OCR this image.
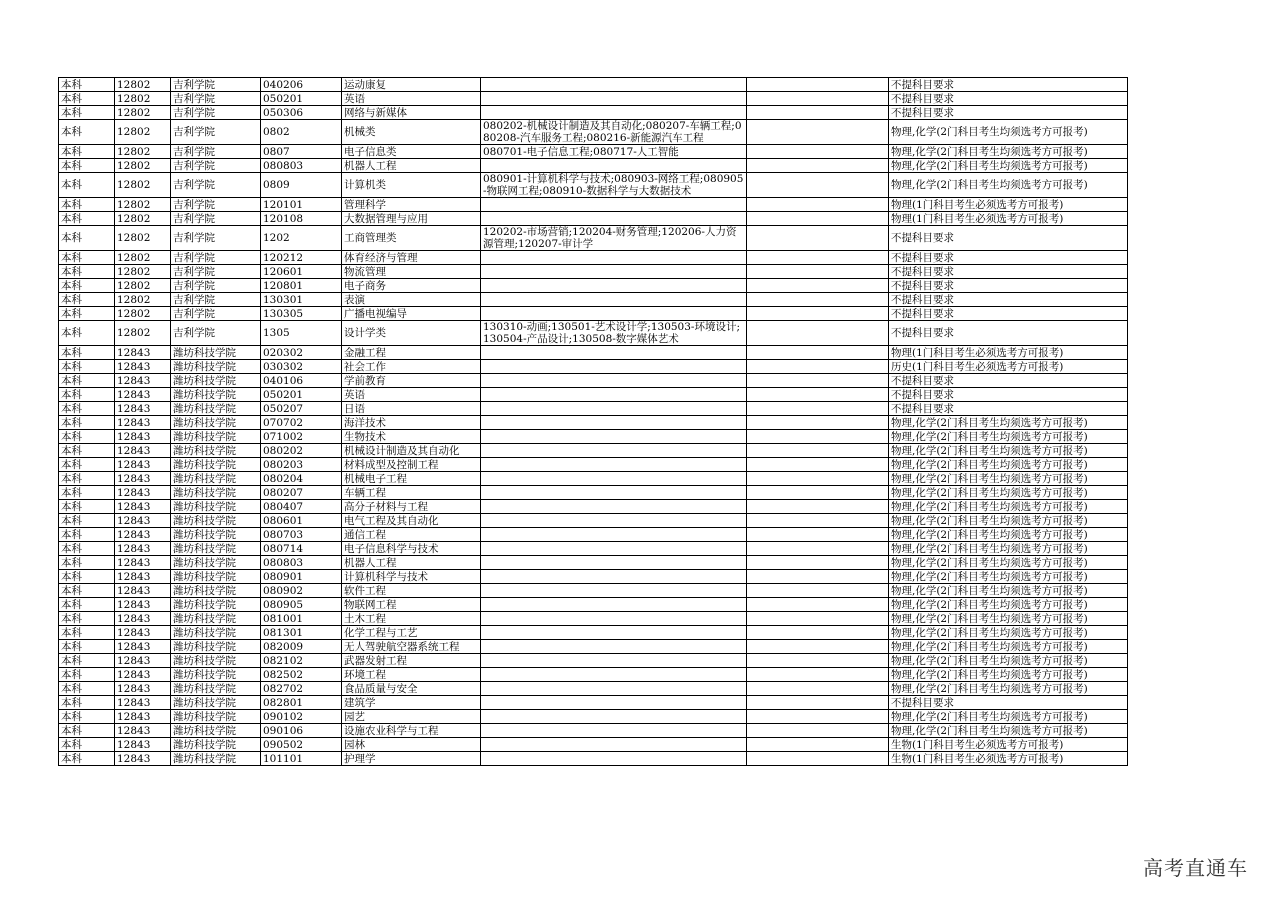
本科	12802	吉利学院	040206	运动康复			不提科目要求
本科	12802	吉利学院	050201	英语			不提科目要求
本科	12802	吉利学院	050306	网络与新媒体			不提科目要求
本科	12802	吉利学院	0802	机械类	080202-机械设计制造及其自动化;080207-车辆工程;080208-汽车服务工程;080216-新能源汽车工程		物理,化学(2门科目考生均须选考方可报考)
本科	12802	吉利学院	0807	电子信息类	080701-电子信息工程;080717-人工智能		物理,化学(2门科目考生均须选考方可报考)
本科	12802	吉利学院	080803	机器人工程			物理,化学(2门科目考生均须选考方可报考)
本科	12802	吉利学院	0809	计算机类	080901-计算机科学与技术;080903-网络工程;080905-物联网工程;080910-数据科学与大数据技术		物理,化学(2门科目考生均须选考方可报考)
本科	12802	吉利学院	120101	管理科学			物理(1门科目考生必须选考方可报考)
本科	12802	吉利学院	120108	大数据管理与应用			物理(1门科目考生必须选考方可报考)
本科	12802	吉利学院	1202	工商管理类	120202-市场营销;120204-财务管理;120206-人力资源管理;120207-审计学		不提科目要求
本科	12802	吉利学院	120212	体育经济与管理			不提科目要求
本科	12802	吉利学院	120601	物流管理			不提科目要求
本科	12802	吉利学院	120801	电子商务			不提科目要求
本科	12802	吉利学院	130301	表演			不提科目要求
本科	12802	吉利学院	130305	广播电视编导			不提科目要求
本科	12802	吉利学院	1305	设计学类	130310-动画;130501-艺术设计学;130503-环境设计;130504-产品设计;130508-数字媒体艺术		不提科目要求
本科	12843	潍坊科技学院	020302	金融工程			物理(1门科目考生必须选考方可报考)
本科	12843	潍坊科技学院	030302	社会工作			历史(1门科目考生必须选考方可报考)
本科	12843	潍坊科技学院	040106	学前教育			不提科目要求
本科	12843	潍坊科技学院	050201	英语			不提科目要求
本科	12843	潍坊科技学院	050207	日语			不提科目要求
本科	12843	潍坊科技学院	070702	海洋技术			物理,化学(2门科目考生均须选考方可报考)
本科	12843	潍坊科技学院	071002	生物技术			物理,化学(2门科目考生均须选考方可报考)
本科	12843	潍坊科技学院	080202	机械设计制造及其自动化			物理,化学(2门科目考生均须选考方可报考)
本科	12843	潍坊科技学院	080203	材料成型及控制工程			物理,化学(2门科目考生均须选考方可报考)
本科	12843	潍坊科技学院	080204	机械电子工程			物理,化学(2门科目考生均须选考方可报考)
本科	12843	潍坊科技学院	080207	车辆工程			物理,化学(2门科目考生均须选考方可报考)
本科	12843	潍坊科技学院	080407	高分子材料与工程			物理,化学(2门科目考生均须选考方可报考)
本科	12843	潍坊科技学院	080601	电气工程及其自动化			物理,化学(2门科目考生均须选考方可报考)
本科	12843	潍坊科技学院	080703	通信工程			物理,化学(2门科目考生均须选考方可报考)
本科	12843	潍坊科技学院	080714	电子信息科学与技术			物理,化学(2门科目考生均须选考方可报考)
本科	12843	潍坊科技学院	080803	机器人工程			物理,化学(2门科目考生均须选考方可报考)
本科	12843	潍坊科技学院	080901	计算机科学与技术			物理,化学(2门科目考生均须选考方可报考)
本科	12843	潍坊科技学院	080902	软件工程			物理,化学(2门科目考生均须选考方可报考)
本科	12843	潍坊科技学院	080905	物联网工程			物理,化学(2门科目考生均须选考方可报考)
本科	12843	潍坊科技学院	081001	土木工程			物理,化学(2门科目考生均须选考方可报考)
本科	12843	潍坊科技学院	081301	化学工程与工艺			物理,化学(2门科目考生均须选考方可报考)
本科	12843	潍坊科技学院	082009	无人驾驶航空器系统工程			物理,化学(2门科目考生均须选考方可报考)
本科	12843	潍坊科技学院	082102	武器发射工程			物理,化学(2门科目考生均须选考方可报考)
本科	12843	潍坊科技学院	082502	环境工程			物理,化学(2门科目考生均须选考方可报考)
本科	12843	潍坊科技学院	082702	食品质量与安全			物理,化学(2门科目考生均须选考方可报考)
本科	12843	潍坊科技学院	082801	建筑学			不提科目要求
本科	12843	潍坊科技学院	090102	园艺			物理,化学(2门科目考生均须选考方可报考)
本科	12843	潍坊科技学院	090106	设施农业科学与工程			物理,化学(2门科目考生均须选考方可报考)
本科	12843	潍坊科技学院	090502	园林			生物(1门科目考生必须选考方可报考)
本科	12843	潍坊科技学院	101101	护理学			生物(1门科目考生必须选考方可报考)
高考直通车
